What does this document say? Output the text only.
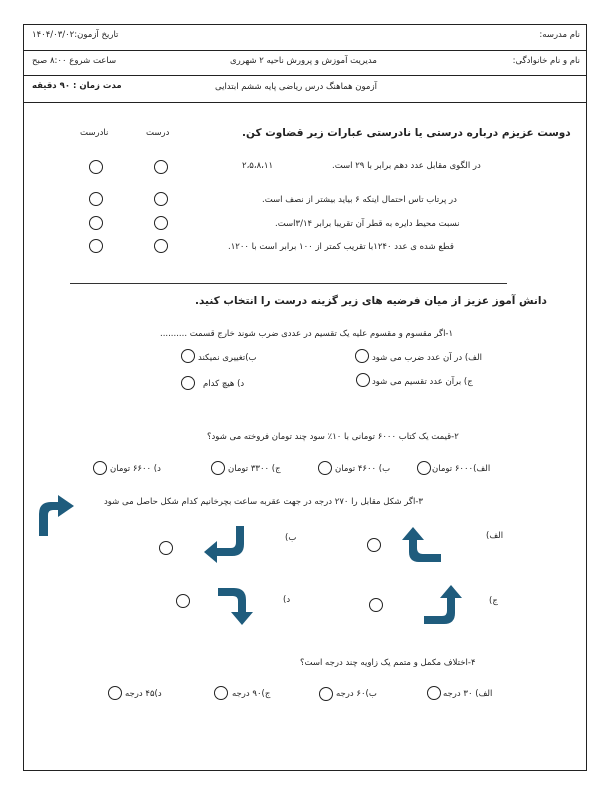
نام مدرسه:
تاریخ آزمون:۱۴۰۴/۰۳/۰۲
نام و نام خانوادگی:
مدیریت آموزش و پرورش ناحیه ۲ شهرری
ساعت شروع ۸:۰۰ صبح
آزمون هماهنگ درس ریاضی پایه ششم ابتدایی
مدت زمان : ۹۰ دقیقه
دوست عزیزم درباره درستی یا نادرستی عبارات زیر قضاوت کن.
درست
نادرست
در الگوی مقابل عدد دهم برابر با ۲۹ است.
۲،۵،۸،۱۱
در پرتاب تاس احتمال اینکه ۶ بیاید بیشتر از نصف است.
نسبت محیط دایره به قطر آن تقریبا برابر ۳/۱۴است.
قطع شده ی عدد ۱۲۴۰با تقریب کمتر از ۱۰۰ برابر است با ۱۲۰۰.
دانش آموز عزیز از میان فرضیه های زیر گزینه درست را انتخاب کنید.
۱-اگر مقسوم و مقسوم علیه یک تقسیم در عددی ضرب شوند خارج قسمت ..........
الف) در آن عدد ضرب می شود
ب)تغییری نمیکند
ج) برآن عدد تقسیم می شود
د) هیچ کدام
۲-قیمت یک کتاب ۶۰۰۰ تومانی با ۱۰٪ سود چند تومان فروخته می شود؟
الف)۶۰۰۰ تومان
ب) ۴۶۰۰ تومان
ج) ۳۳۰۰ تومان
د) ۶۶۰۰ تومان
۳-اگر شکل مقابل را ۲۷۰ درجه در جهت عقربه ساعت بچرخانیم کدام شکل حاصل می شود
الف)
ب)
ج)
د)
۴-اختلاف مکمل و متمم یک زاویه چند درجه است؟
الف) ۳۰ درجه
ب)۶۰ درجه
ج)۹۰ درجه
د)۴۵ درجه
